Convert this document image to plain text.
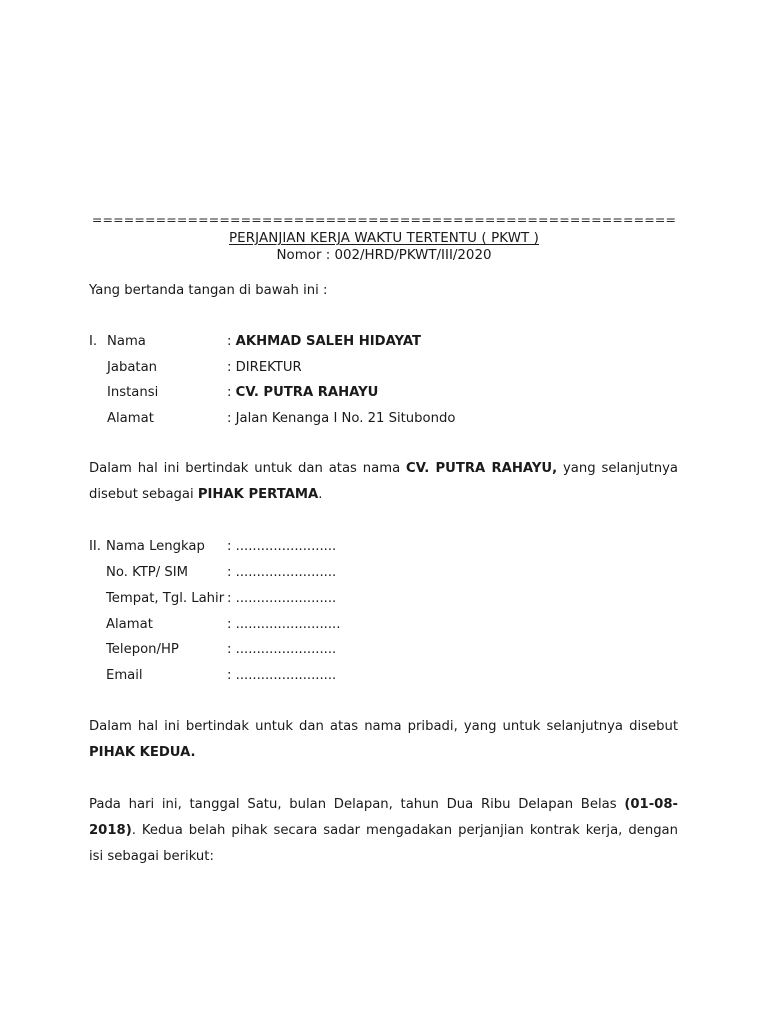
=======================================================
PERJANJIAN KERJA WAKTU TERTENTU ( PKWT )
Nomor : 002/HRD/PKWT/III/2020
Yang bertanda tangan di bawah ini :
I. Nama	: AKHMAD SALEH HIDAYAT
Jabatan	: DIREKTUR
Instansi	: CV. PUTRA RAHAYU
Alamat	: Jalan Kenanga I No. 21 Situbondo
Dalam hal ini bertindak untuk dan atas nama CV. PUTRA RAHAYU, yang selanjutnya disebut sebagai PIHAK PERTAMA.
II. Nama Lengkap : ........................
No. KTP/ SIM	: ........................
Tempat, Tgl. Lahir : ........................
Alamat	: .........................
Telepon/HP	: ........................
Email	: ........................
Dalam hal ini bertindak untuk dan atas nama pribadi, yang untuk selanjutnya disebut PIHAK KEDUA.
Pada hari ini, tanggal Satu, bulan Delapan, tahun Dua Ribu Delapan Belas (01-08-2018). Kedua belah pihak secara sadar mengadakan perjanjian kontrak kerja, dengan isi sebagai berikut:
